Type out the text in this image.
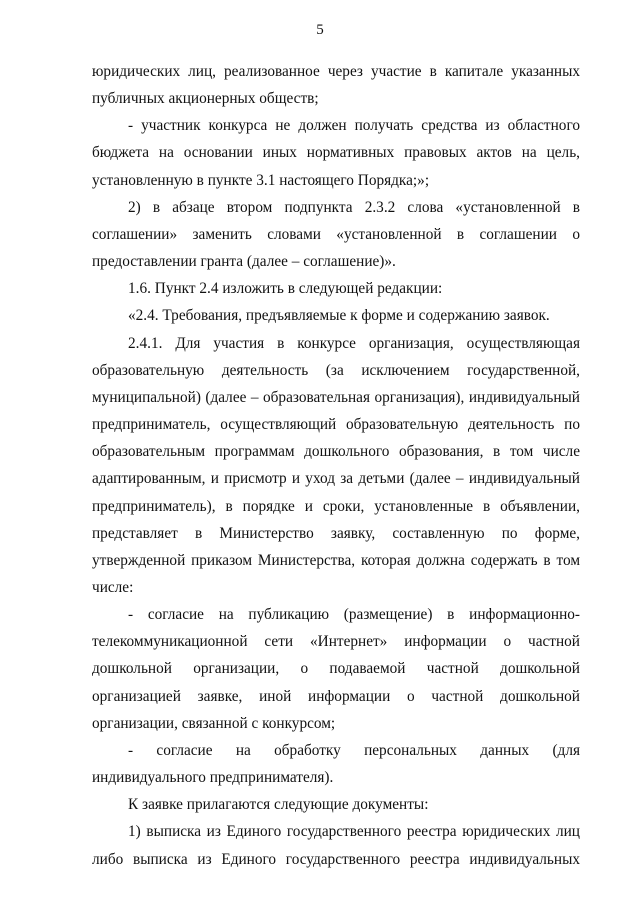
5

юридических лиц, реализованное через участие в капитале указанных публичных акционерных обществ;

- участник конкурса не должен получать средства из областного бюджета на основании иных нормативных правовых актов на цель, установленную в пункте 3.1 настоящего Порядка;»;

2) в абзаце втором подпункта 2.3.2 слова «установленной в соглашении» заменить словами «установленной в соглашении о предоставлении гранта (далее – соглашение)».

1.6. Пункт 2.4 изложить в следующей редакции:

«2.4. Требования, предъявляемые к форме и содержанию заявок.

2.4.1. Для участия в конкурсе организация, осуществляющая образовательную деятельность (за исключением государственной, муниципальной) (далее – образовательная организация), индивидуальный предприниматель, осуществляющий образовательную деятельность по образовательным программам дошкольного образования, в том числе адаптированным, и присмотр и уход за детьми (далее – индивидуальный предприниматель), в порядке и сроки, установленные в объявлении, представляет в Министерство заявку, составленную по форме, утвержденной приказом Министерства, которая должна содержать в том числе:

- согласие на публикацию (размещение) в информационно-телекоммуникационной сети «Интернет» информации о частной дошкольной организации, о подаваемой частной дошкольной организацией заявке, иной информации о частной дошкольной организации, связанной с конкурсом;

- согласие на обработку персональных данных (для индивидуального предпринимателя).

К заявке прилагаются следующие документы:

1) выписка из Единого государственного реестра юридических лиц либо выписка из Единого государственного реестра индивидуальных
